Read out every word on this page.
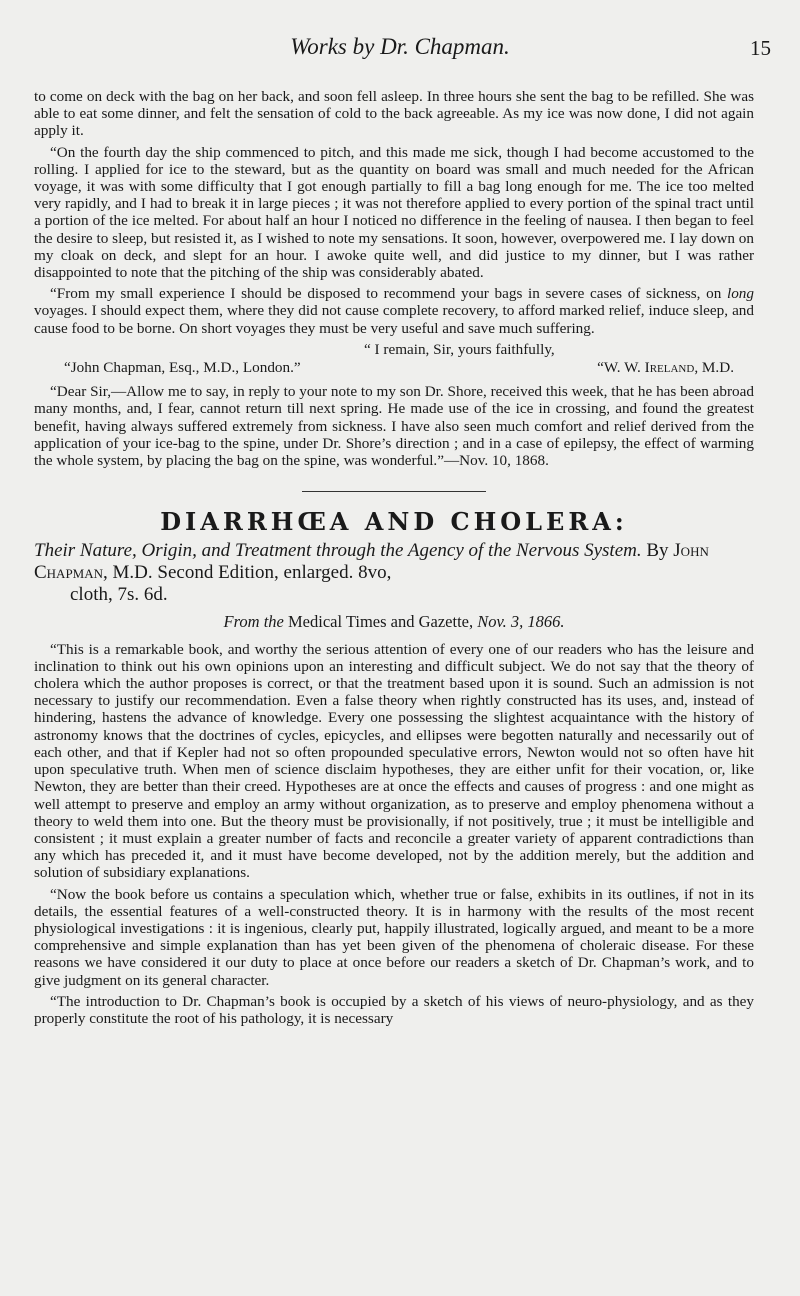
Works by Dr. Chapman.	15

to come on deck with the bag on her back, and soon fell asleep. In three hours she sent the bag to be refilled. She was able to eat some dinner, and felt the sensation of cold to the back agreeable. As my ice was now done, I did not again apply it.

“On the fourth day the ship commenced to pitch, and this made me sick, though I had become accustomed to the rolling. I applied for ice to the steward, but as the quantity on board was small and much needed for the African voyage, it was with some difficulty that I got enough partially to fill a bag long enough for me. The ice too melted very rapidly, and I had to break it in large pieces ; it was not therefore applied to every portion of the spinal tract until a portion of the ice melted. For about half an hour I noticed no difference in the feeling of nausea. I then began to feel the desire to sleep, but resisted it, as I wished to note my sensations. It soon, however, overpowered me. I lay down on my cloak on deck, and slept for an hour. I awoke quite well, and did justice to my dinner, but I was rather disappointed to note that the pitching of the ship was considerably abated.

“From my small experience I should be disposed to recommend your bags in severe cases of sickness, on long voyages. I should expect them, where they did not cause complete recovery, to afford marked relief, induce sleep, and cause food to be borne. On short voyages they must be very useful and save much suffering.

“ I remain, Sir, yours faithfully,

“John Chapman, Esq., M.D., London.”	“W. W. Ireland, M.D.

“Dear Sir,—Allow me to say, in reply to your note to my son Dr. Shore, received this week, that he has been abroad many months, and, I fear, cannot return till next spring. He made use of the ice in crossing, and found the greatest benefit, having always suffered extremely from sickness. I have also seen much comfort and relief derived from the application of your ice-bag to the spine, under Dr. Shore’s direction ; and in a case of epilepsy, the effect of warming the whole system, by placing the bag on the spine, was wonderful.”—Nov. 10, 1868.

DIARRHŒA AND CHOLERA:
Their Nature, Origin, and Treatment through the Agency of the Nervous System. By John Chapman, M.D. Second Edition, enlarged. 8vo,
cloth, 7s. 6d.
From the Medical Times and Gazette, Nov. 3, 1866.

“This is a remarkable book, and worthy the serious attention of every one of our readers who has the leisure and inclination to think out his own opinions upon an interesting and difficult subject. We do not say that the theory of cholera which the author proposes is correct, or that the treatment based upon it is sound. Such an admission is not necessary to justify our recommendation. Even a false theory when rightly constructed has its uses, and, instead of hindering, hastens the advance of knowledge. Every one possessing the slightest acquaintance with the history of astronomy knows that the doctrines of cycles, epicycles, and ellipses were begotten naturally and necessarily out of each other, and that if Kepler had not so often propounded speculative errors, Newton would not so often have hit upon speculative truth. When men of science disclaim hypotheses, they are either unfit for their vocation, or, like Newton, they are better than their creed. Hypotheses are at once the effects and causes of progress : and one might as well attempt to preserve and employ an army without organization, as to preserve and employ phenomena without a theory to weld them into one. But the theory must be provisionally, if not positively, true ; it must be intelligible and consistent ; it must explain a greater number of facts and reconcile a greater variety of apparent contradictions than any which has preceded it, and it must have become developed, not by the addition merely, but the addition and solution of subsidiary explanations.

“Now the book before us contains a speculation which, whether true or false, exhibits in its outlines, if not in its details, the essential features of a well-constructed theory. It is in harmony with the results of the most recent physiological investigations : it is ingenious, clearly put, happily illustrated, logically argued, and meant to be a more comprehensive and simple explanation than has yet been given of the phenomena of choleraic disease. For these reasons we have considered it our duty to place at once before our readers a sketch of Dr. Chapman’s work, and to give judgment on its general character.

“The introduction to Dr. Chapman’s book is occupied by a sketch of his views of neuro-physiology, and as they properly constitute the root of his pathology, it is necessary
